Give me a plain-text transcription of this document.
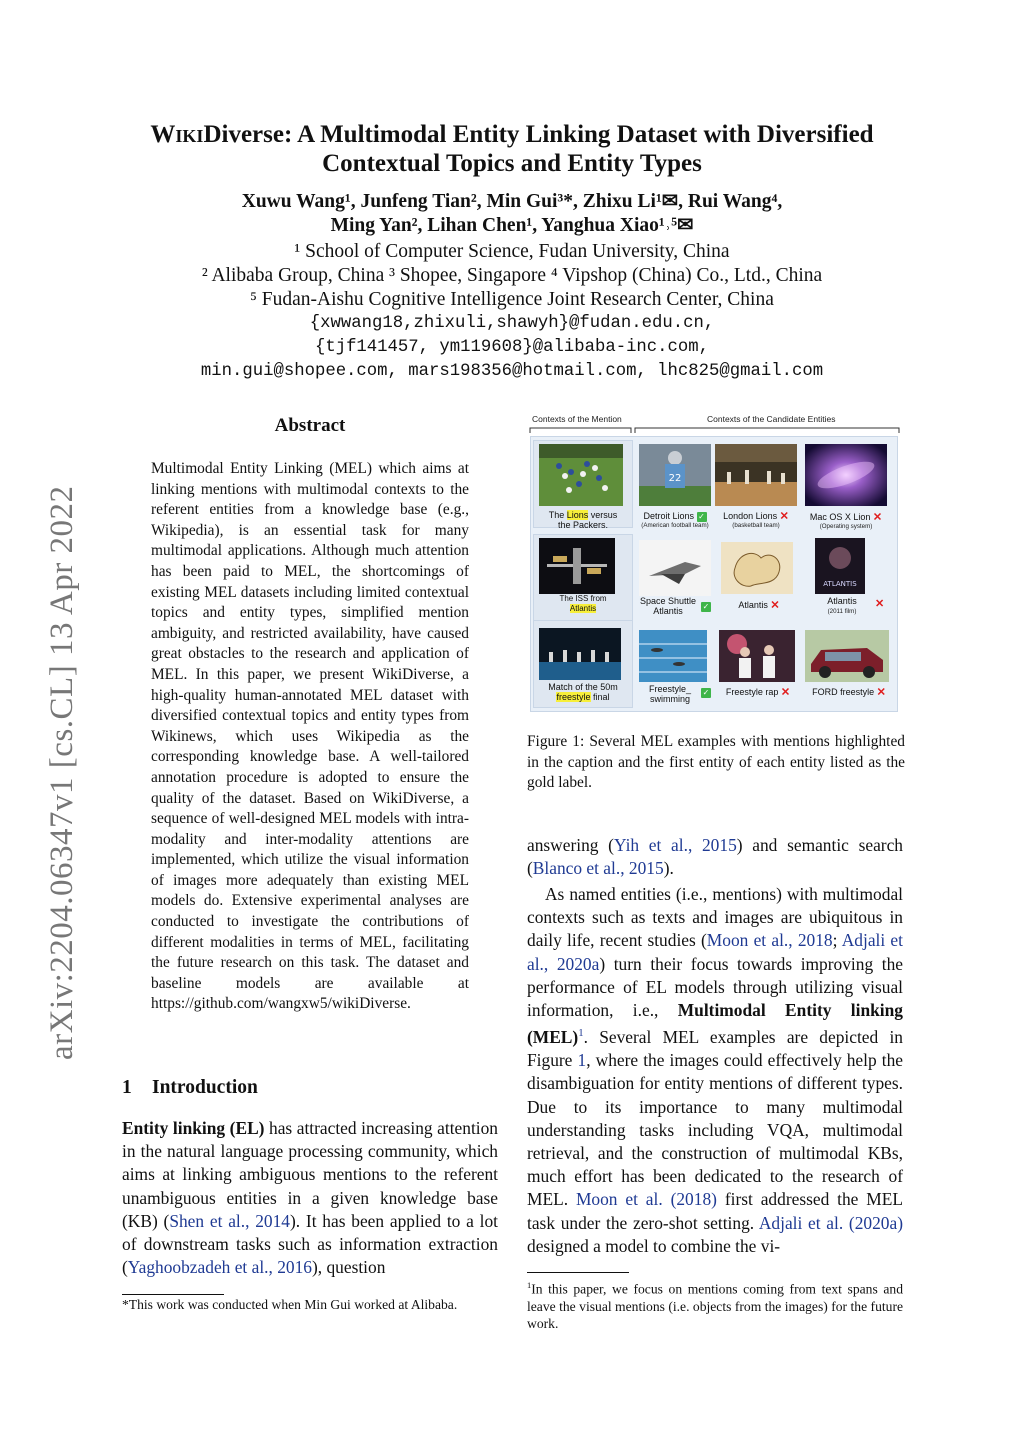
arXiv:2204.06347v1 [cs.CL] 13 Apr 2022
WikiDiverse: A Multimodal Entity Linking Dataset with Diversified
Contextual Topics and Entity Types
Xuwu Wang¹, Junfeng Tian², Min Gui³*, Zhixu Li¹✉, Rui Wang⁴,
Ming Yan², Lihan Chen¹, Yanghua Xiao¹˒⁵✉
¹ School of Computer Science, Fudan University, China
² Alibaba Group, China ³ Shopee, Singapore ⁴ Vipshop (China) Co., Ltd., China
⁵ Fudan-Aishu Cognitive Intelligence Joint Research Center, China
{xwwang18,zhixuli,shawyh}@fudan.edu.cn,
{tjf141457, ym119608}@alibaba-inc.com,
min.gui@shopee.com, mars198356@hotmail.com, lhc825@gmail.com
Abstract
Multimodal Entity Linking (MEL) which aims at linking mentions with multimodal contexts to the referent entities from a knowledge base (e.g., Wikipedia), is an essential task for many multimodal applications. Although much attention has been paid to MEL, the shortcomings of existing MEL datasets including limited contextual topics and entity types, simplified mention ambiguity, and restricted availability, have caused great obstacles to the research and application of MEL. In this paper, we present WikiDiverse, a high-quality human-annotated MEL dataset with diversified contextual topics and entity types from Wikinews, which uses Wikipedia as the corresponding knowledge base. A well-tailored annotation procedure is adopted to ensure the quality of the dataset. Based on WikiDiverse, a sequence of well-designed MEL models with intra-modality and inter-modality attentions are implemented, which utilize the visual information of images more adequately than existing MEL models do. Extensive experimental analyses are conducted to investigate the contributions of different modalities in terms of MEL, facilitating the future research on this task. The dataset and baseline models are available at https://github.com/wangxw5/wikiDiverse.
1 Introduction
Entity linking (EL) has attracted increasing attention in the natural language processing community, which aims at linking ambiguous mentions to the referent unambiguous entities in a given knowledge base (KB) (Shen et al., 2014). It has been applied to a lot of downstream tasks such as information extraction (Yaghoobzadeh et al., 2016), question
*This work was conducted when Min Gui worked at Alibaba.
Contexts of the Mention	Contexts of the Candidate Entities
22
The Lions versus
the Packers.
Detroit Lions ✓
(American football team)
London Lions ✕
(basketball team)
Mac OS X Lion ✕
(Operating system)
ATLANTIS
The ISS from
Atlantis
Space Shuttle
Atlantis	✓	Atlantis ✕	Atlantis
(2011 film)
✕
Match of the 50m
freestyle final
Freestyle_
swimming
✓	Freestyle rap ✕	FORD freestyle ✕
Figure 1: Several MEL examples with mentions highlighted in the caption and the first entity of each entity listed as the gold label.
answering (Yih et al., 2015) and semantic search (Blanco et al., 2015).
As named entities (i.e., mentions) with multimodal contexts such as texts and images are ubiquitous in daily life, recent studies (Moon et al., 2018; Adjali et al., 2020a) turn their focus towards improving the performance of EL models through utilizing visual information, i.e., Multimodal Entity linking (MEL)$^1$. Several MEL examples are depicted in Figure 1, where the images could effectively help the disambiguation for entity mentions of different types. Due to its importance to many multimodal understanding tasks including VQA, multimodal retrieval, and the construction of multimodal KBs, much effort has been dedicated to the research of MEL. Moon et al. (2018) first addressed the MEL task under the zero-shot setting. Adjali et al. (2020a) designed a model to combine the vi-
$^1$In this paper, we focus on mentions coming from text spans and leave the visual mentions (i.e. objects from the images) for the future work.
